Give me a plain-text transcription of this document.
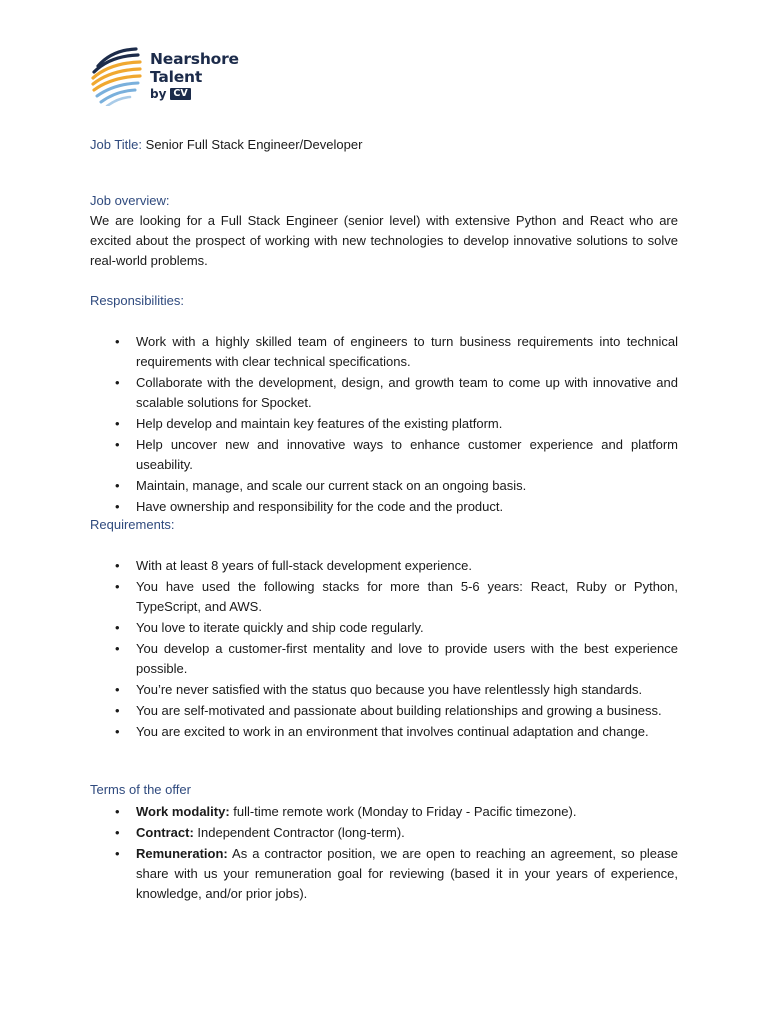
Nearshore
Talent
by CV
Job Title: Senior Full Stack Engineer/Developer
Job overview:
We are looking for a Full Stack Engineer (senior level) with extensive Python and React who are excited about the prospect of working with new technologies to develop innovative solutions to solve real-world problems.
Responsibilities:
• Work with a highly skilled team of engineers to turn business requirements into technical requirements with clear technical specifications.
• Collaborate with the development, design, and growth team to come up with innovative and scalable solutions for Spocket.
• Help develop and maintain key features of the existing platform.
• Help uncover new and innovative ways to enhance customer experience and platform useability.
• Maintain, manage, and scale our current stack on an ongoing basis.
• Have ownership and responsibility for the code and the product.
Requirements:
• With at least 8 years of full-stack development experience.
• You have used the following stacks for more than 5-6 years: React, Ruby or Python, TypeScript, and AWS.
• You love to iterate quickly and ship code regularly.
• You develop a customer-first mentality and love to provide users with the best experience possible.
• You’re never satisfied with the status quo because you have relentlessly high standards.
• You are self-motivated and passionate about building relationships and growing a business.
• You are excited to work in an environment that involves continual adaptation and change.
Terms of the offer
• Work modality: full-time remote work (Monday to Friday - Pacific timezone).
• Contract: Independent Contractor (long-term).
• Remuneration: As a contractor position, we are open to reaching an agreement, so please share with us your remuneration goal for reviewing (based it in your years of experience, knowledge, and/or prior jobs).
